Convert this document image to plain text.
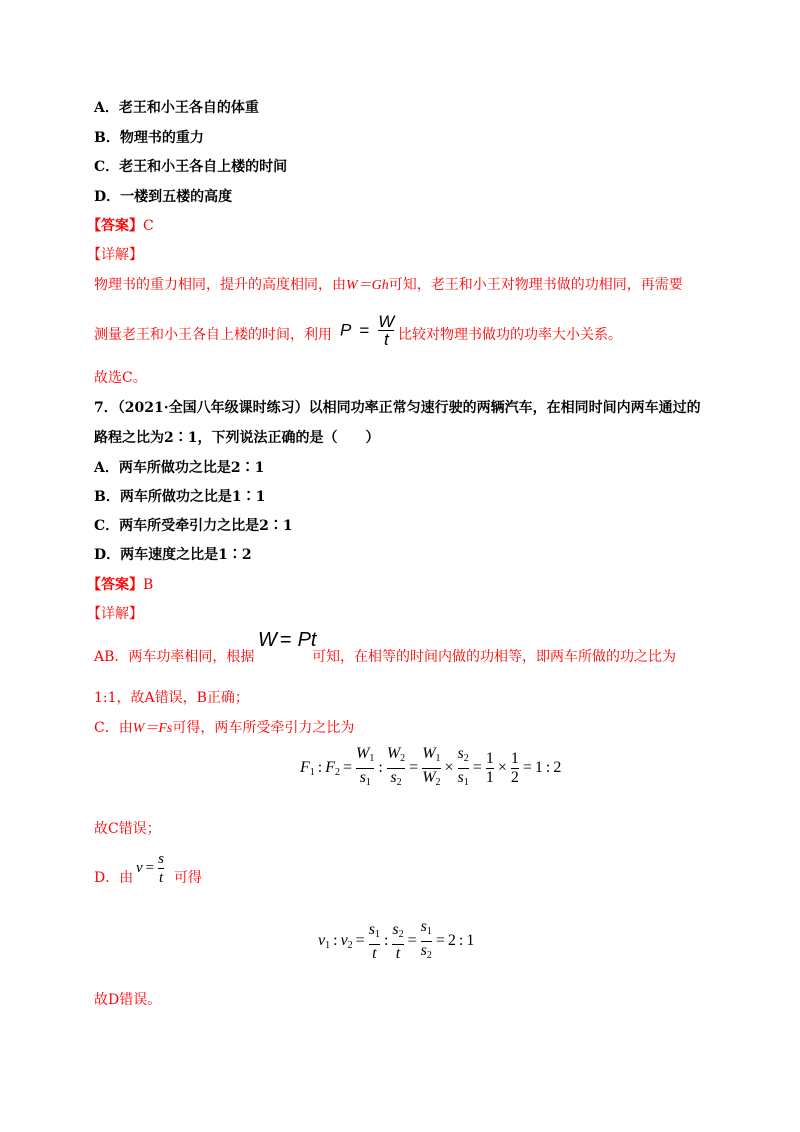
A．老王和小王各自的体重
B．物理书的重力
C．老王和小王各自上楼的时间
D．一楼到五楼的高度
【答案】C
【详解】
物理书的重力相同，提升的高度相同，由W＝Gh可知，老王和小王对物理书做的功相同，再需要
测量老王和小王各自上楼的时间，利用 $P = \frac{W}{t}$ 比较对物理书做功的功率大小关系。
故选C。
7．（2021·全国八年级课时练习）以相同功率正常匀速行驶的两辆汽车，在相同时间内两车通过的
路程之比为2∶1，下列说法正确的是（　　）
A．两车所做功之比是2∶1
B．两车所做功之比是1∶1
C．两车所受牵引力之比是2∶1
D．两车速度之比是1∶2
【答案】B
【详解】
AB．两车功率相同，根据
W = Pt
可知，在相等的时间内做的功相等，即两车所做的功之比为
1:1，故A错误，B正确；
C．由W＝Fs可得，两车所受牵引力之比为
$F_1$ : $F_2 = \frac{W_1}{s_1}$ : $\frac{W_2}{s_2} = \frac{W_1}{W_2} \times \frac{s_2}{s_1} = \frac{1}{1} \times \frac{1}{2} = 1$ : 2
故C错误；
D．由
$v = \frac{s}{t}$ 可得
$v_1$ : $v_2 = \frac{s_1}{t}$ : $\frac{s_2}{t} = \frac{s_1}{s_2} = 2$ : 1
故D错误。
